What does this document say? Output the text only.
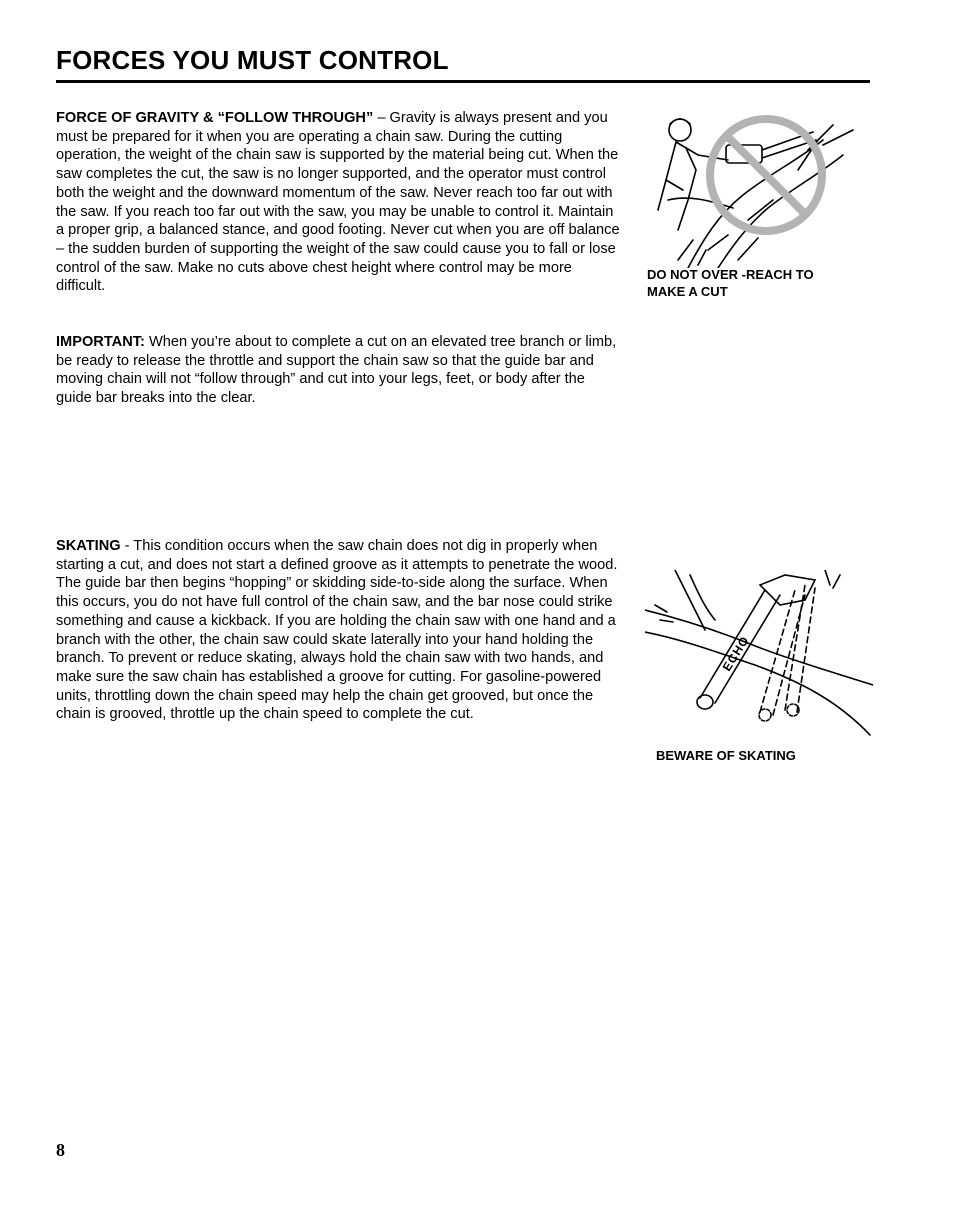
FORCES YOU MUST CONTROL

FORCE OF GRAVITY & “FOLLOW THROUGH” – Gravity is always present and you must be prepared for it when you are operating a chain saw. During the cutting operation, the weight of the chain saw is supported by the material being cut. When the saw completes the cut, the saw is no longer supported, and the operator must control both the weight and the downward momentum of the saw. Never reach too far out with the saw. If you reach too far out with the saw, you may be unable to control it. Maintain a proper grip, a balanced stance, and good footing. Never cut when you are off balance – the sudden burden of supporting the weight of the saw could cause you to fall or lose control of the saw. Make no cuts above chest height where control may be more difficult.

IMPORTANT: When you’re about to complete a cut on an elevated tree branch or limb, be ready to release the throttle and support the chain saw so that the guide bar and moving chain will not “follow through” and cut into your legs, feet, or body after the guide bar breaks into the clear.

SKATING - This condition occurs when the saw chain does not dig in properly when starting a cut, and does not start a defined groove as it attempts to penetrate the wood. The guide bar then begins “hopping” or skidding side-to-side along the surface. When this occurs, you do not have full control of the chain saw, and the bar nose could strike something and cause a kickback. If you are holding the chain saw with one hand and a branch with the other, the chain saw could skate laterally into your hand holding the branch. To prevent or reduce skating, always hold the chain saw with two hands, and make sure the saw chain has established a groove for cutting. For gasoline-powered units, throttling down the chain speed may help the chain get grooved, but once the chain is grooved, throttle up the chain speed to complete the cut.

DO NOT OVER -REACH TO
MAKE A CUT

ECHO

BEWARE OF SKATING

8
